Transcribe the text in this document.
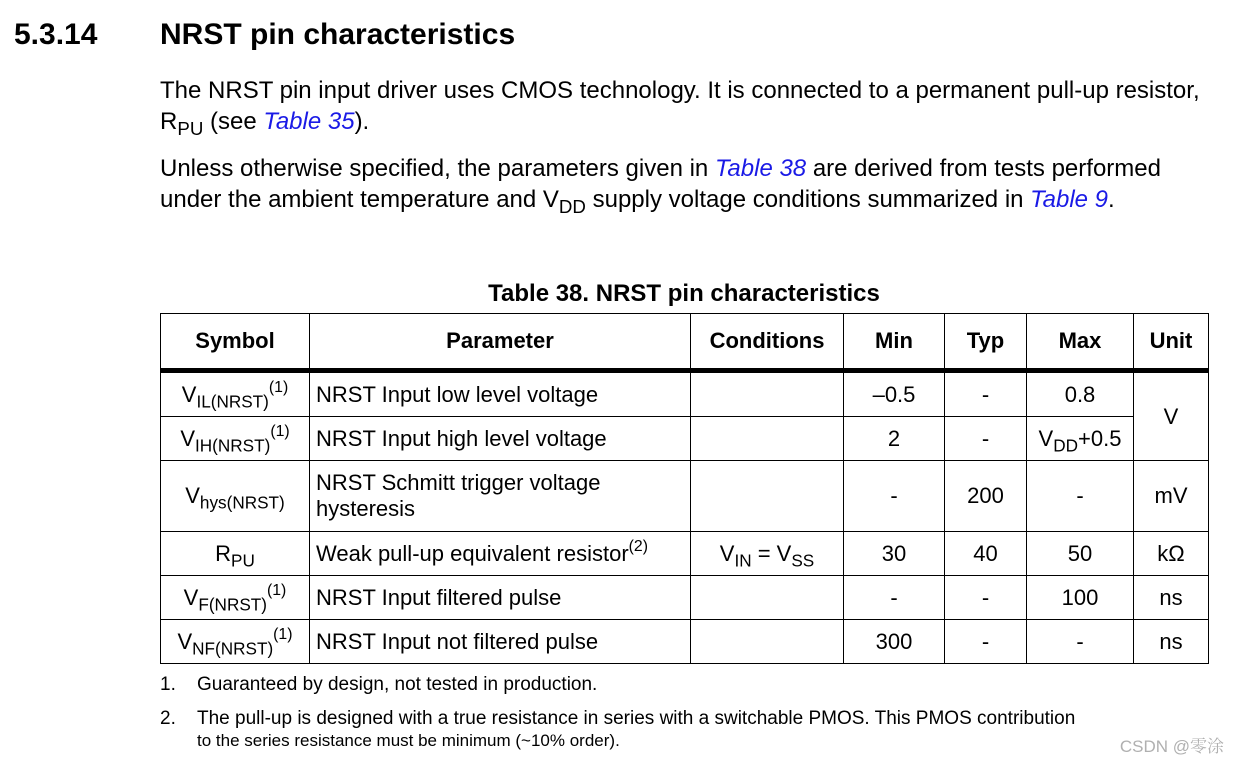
5.3.14 NRST pin characteristics
The NRST pin input driver uses CMOS technology. It is connected to a permanent pull-up resistor, $R_{PU}$ (see Table 35).
Unless otherwise specified, the parameters given in Table 38 are derived from tests performed under the ambient temperature and $V_{DD}$ supply voltage conditions summarized in Table 9.
Table 38. NRST pin characteristics
Symbol	Parameter	Conditions	Min	Typ	Max	Unit
$V_{IL(NRST)}^{(1)}$	NRST Input low level voltage		–0.5	-	0.8	V
$V_{IH(NRST)}^{(1)}$	NRST Input high level voltage		2	-	$V_{DD}+0.5$	
$V_{hys(NRST)}$	NRST Schmitt trigger voltage hysteresis		-	200	-	mV
$R_{PU}$	Weak pull-up equivalent resistor$^{(2)}$	$V_{IN} = V_{SS}$	30	40	50	kΩ
$V_{F(NRST)}^{(1)}$	NRST Input filtered pulse		-	-	100	ns
$V_{NF(NRST)}^{(1)}$	NRST Input not filtered pulse		300	-	-	ns
1. Guaranteed by design, not tested in production.
2. The pull-up is designed with a true resistance in series with a switchable PMOS. This PMOS contribution
to the series resistance must be minimum (~10% order).	CSDN @零涂
